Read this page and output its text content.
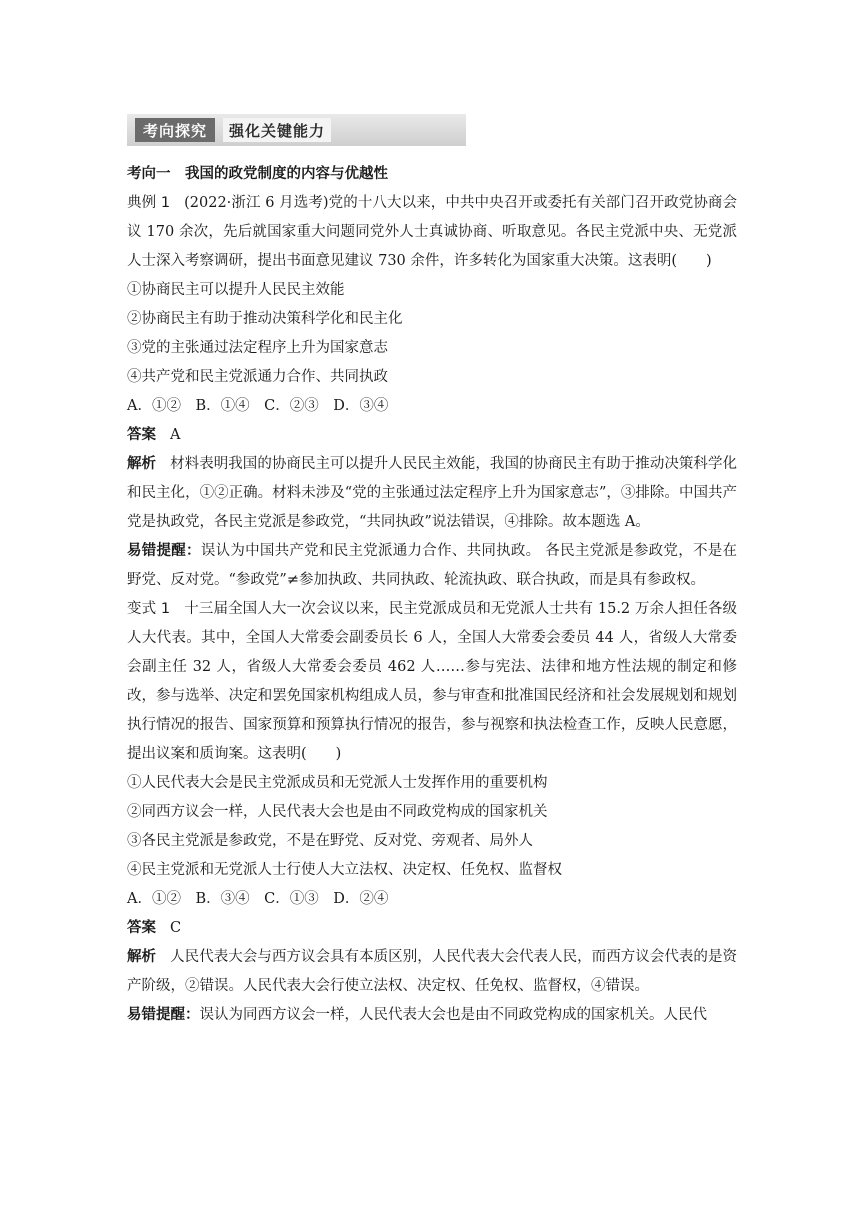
考向探究	强化关键能力

考向一　我国的政党制度的内容与优越性

典例 1 (2022·浙江 6 月选考)党的十八大以来，中共中央召开或委托有关部门召开政党协商会议 170 余次，先后就国家重大问题同党外人士真诚协商、听取意见。各民主党派中央、无党派人士深入考察调研，提出书面意见建议 730 余件，许多转化为国家重大决策。这表明(　　)

①协商民主可以提升人民民主效能

②协商民主有助于推动决策科学化和民主化

③党的主张通过法定程序上升为国家意志

④共产党和民主党派通力合作、共同执政

A．①②　B．①④　C．②③　D．③④

答案 A

解析 材料表明我国的协商民主可以提升人民民主效能，我国的协商民主有助于推动决策科学化和民主化，①②正确。材料未涉及“党的主张通过法定程序上升为国家意志”，③排除。中国共产党是执政党，各民主党派是参政党，“共同执政”说法错误，④排除。故本题选 A。

易错提醒：误认为中国共产党和民主党派通力合作、共同执政。 各民主党派是参政党，不是在野党、反对党。“参政党”≠参加执政、共同执政、轮流执政、联合执政，而是具有参政权。

变式 1 十三届全国人大一次会议以来，民主党派成员和无党派人士共有 15.2 万余人担任各级人大代表。其中，全国人大常委会副委员长 6 人，全国人大常委会委员 44 人，省级人大常委会副主任 32 人，省级人大常委会委员 462 人……参与宪法、法律和地方性法规的制定和修改，参与选举、决定和罢免国家机构组成人员，参与审查和批准国民经济和社会发展规划和规划执行情况的报告、国家预算和预算执行情况的报告，参与视察和执法检查工作，反映人民意愿，提出议案和质询案。这表明(　　)

①人民代表大会是民主党派成员和无党派人士发挥作用的重要机构

②同西方议会一样，人民代表大会也是由不同政党构成的国家机关

③各民主党派是参政党，不是在野党、反对党、旁观者、局外人

④民主党派和无党派人士行使人大立法权、决定权、任免权、监督权

A．①②　B．③④　C．①③　D．②④

答案 C

解析 人民代表大会与西方议会具有本质区别，人民代表大会代表人民，而西方议会代表的是资产阶级，②错误。人民代表大会行使立法权、决定权、任免权、监督权，④错误。

易错提醒：误认为同西方议会一样，人民代表大会也是由不同政党构成的国家机关。人民代
